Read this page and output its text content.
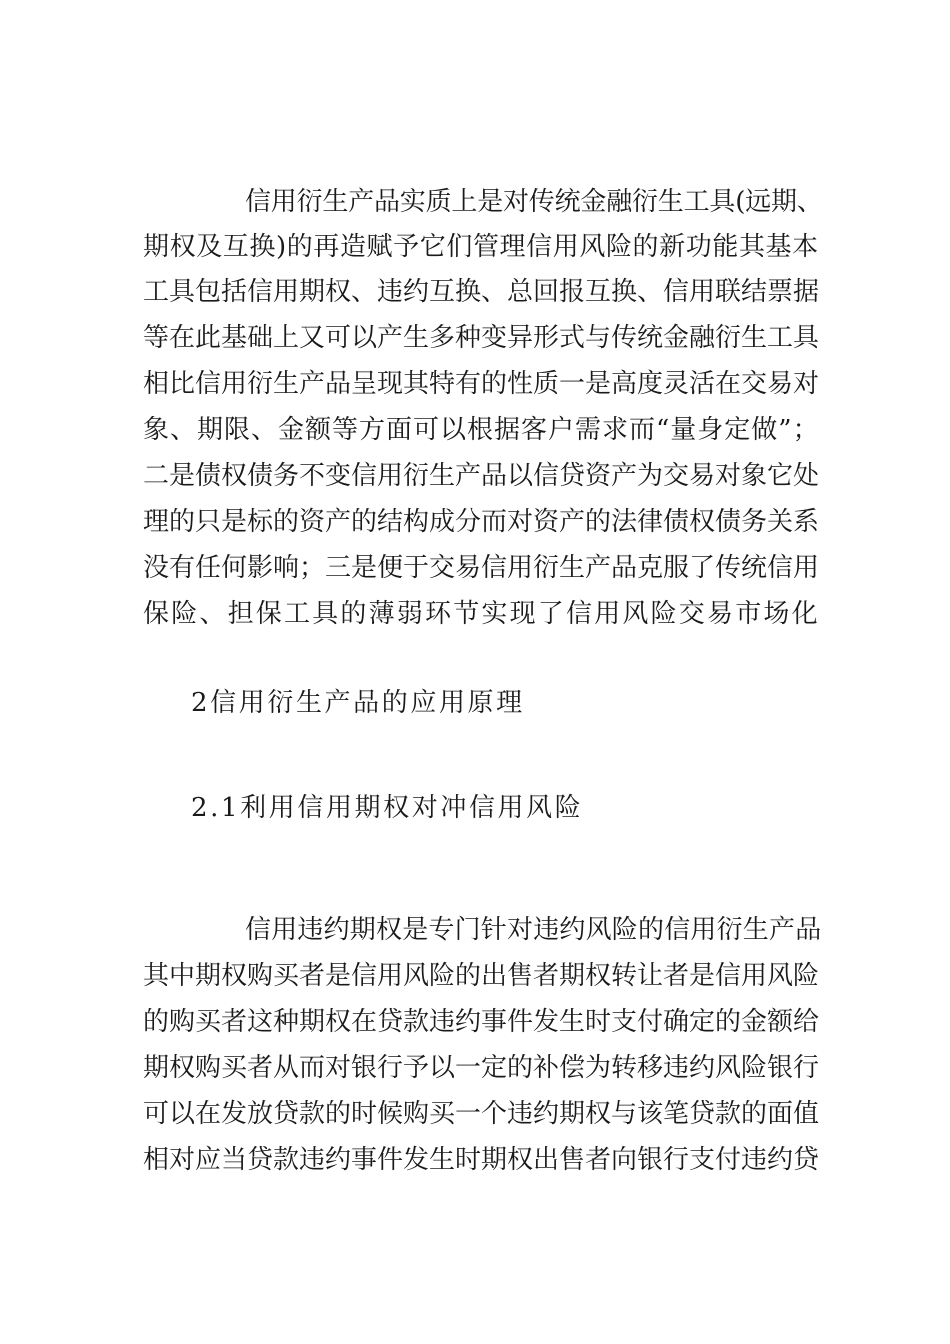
信用衍生产品实质上是对传统金融衍生工具(远期、
期权及互换)的再造赋予它们管理信用风险的新功能其基本
工具包括信用期权、违约互换、总回报互换、信用联结票据
等在此基础上又可以产生多种变异形式与传统金融衍生工具
相比信用衍生产品呈现其特有的性质一是高度灵活在交易对
象、期限、金额等方面可以根据客户需求而“量身定做”；
二是债权债务不变信用衍生产品以信贷资产为交易对象它处
理的只是标的资产的结构成分而对资产的法律债权债务关系
没有任何影响；三是便于交易信用衍生产品克服了传统信用
保险、担保工具的薄弱环节实现了信用风险交易市场化
2信用衍生产品的应用原理
2.1利用信用期权对冲信用风险
信用违约期权是专门针对违约风险的信用衍生产品
其中期权购买者是信用风险的出售者期权转让者是信用风险
的购买者这种期权在贷款违约事件发生时支付确定的金额给
期权购买者从而对银行予以一定的补偿为转移违约风险银行
可以在发放贷款的时候购买一个违约期权与该笔贷款的面值
相对应当贷款违约事件发生时期权出售者向银行支付违约贷
